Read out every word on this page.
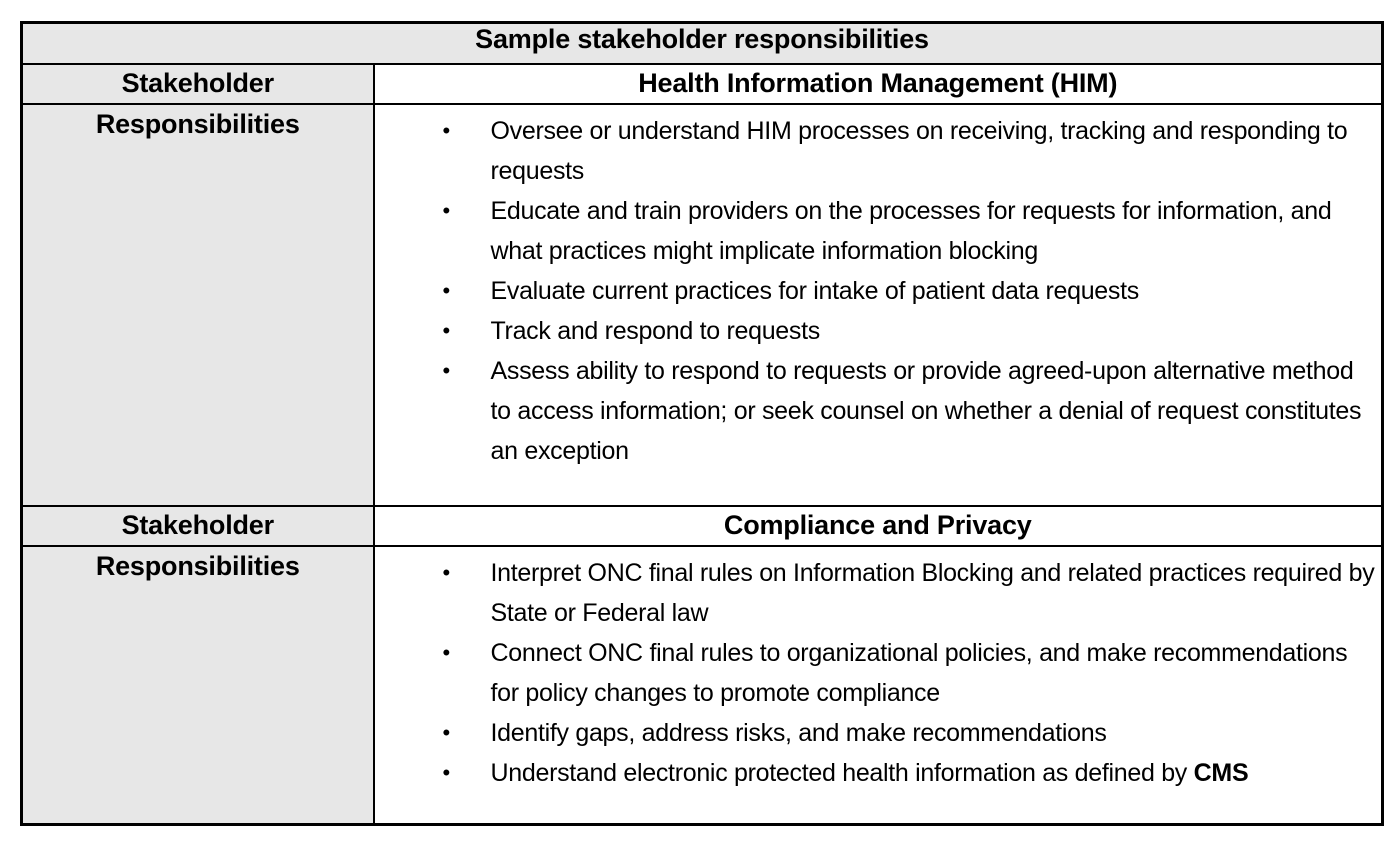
Sample stakeholder responsibilities	
Stakeholder	Health Information Management (HIM)
Responsibilities	• Oversee or understand HIM processes on receiving, tracking and responding to requests
• Educate and train providers on the processes for requests for information, and what practices might implicate information blocking
• Evaluate current practices for intake of patient data requests
• Track and respond to requests
• Assess ability to respond to requests or provide agreed-upon alternative method to access information; or seek counsel on whether a denial of request constitutes an exception

Stakeholder	Compliance and Privacy
Responsibilities	• Interpret ONC final rules on Information Blocking and related practices required by State or Federal law
• Connect ONC final rules to organizational policies, and make recommendations for policy changes to promote compliance
• Identify gaps, address risks, and make recommendations
• Understand electronic protected health information as defined by CMS
